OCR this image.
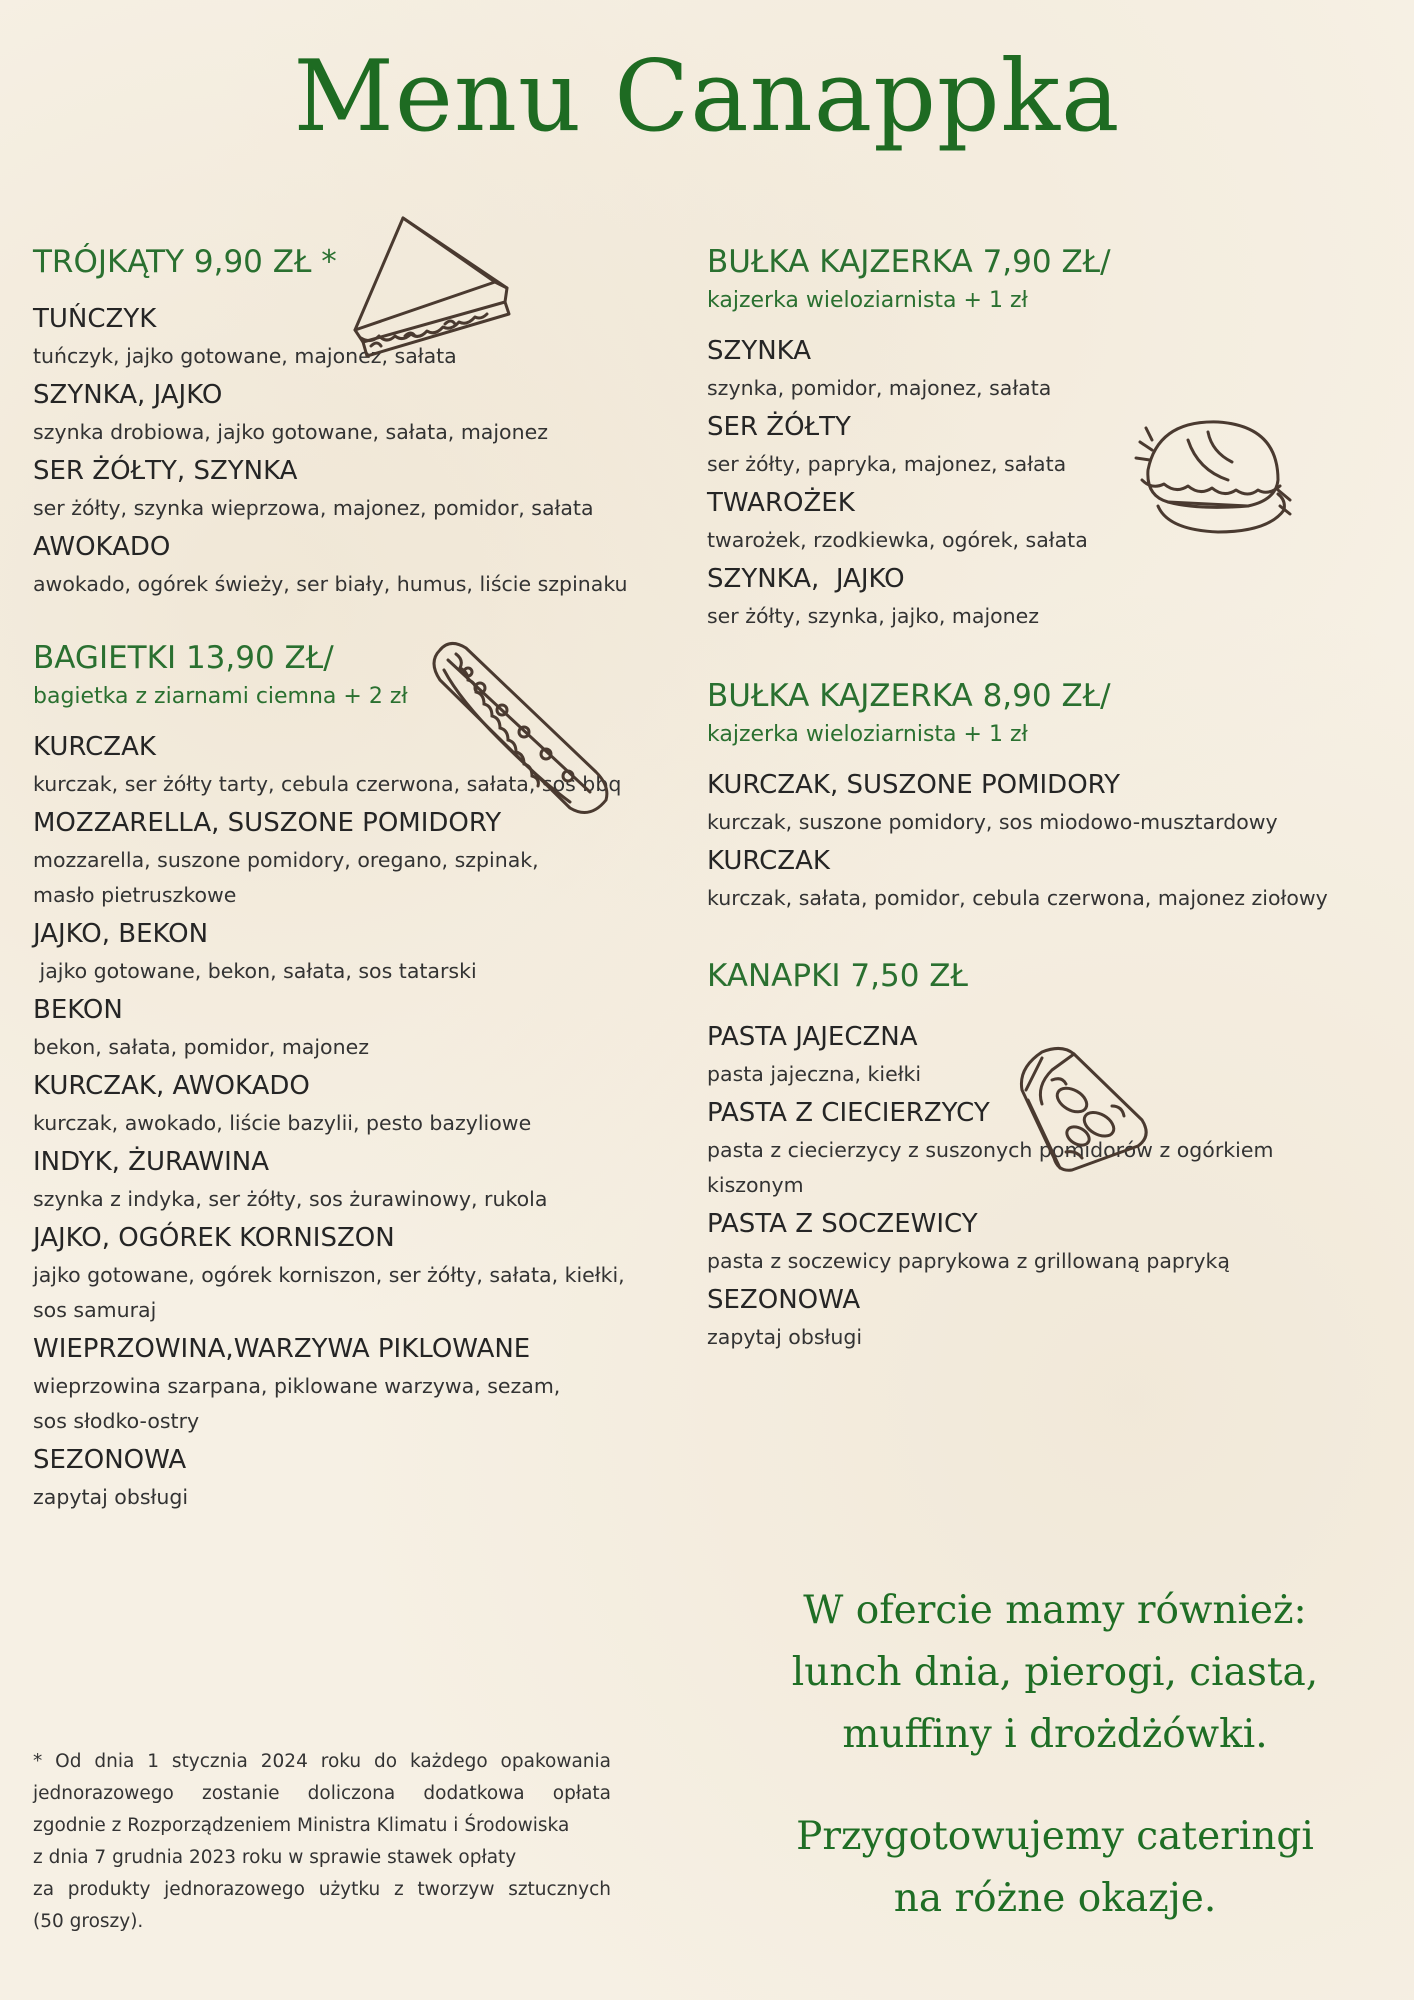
Menu Canappka
TRÓJKĄTY 9,90 ZŁ *
TUŃCZYK
tuńczyk, jajko gotowane, majonez, sałata
SZYNKA, JAJKO
szynka drobiowa, jajko gotowane, sałata, majonez
SER ŻÓŁTY, SZYNKA
ser żółty, szynka wieprzowa, majonez, pomidor, sałata
AWOKADO
awokado, ogórek świeży, ser biały, humus, liście szpinaku
BAGIETKI 13,90 ZŁ/
bagietka z ziarnami ciemna + 2 zł
KURCZAK
kurczak, ser żółty tarty, cebula czerwona, sałata, sos bbq
MOZZARELLA, SUSZONE POMIDORY
mozzarella, suszone pomidory, oregano, szpinak,
masło pietruszkowe
JAJKO, BEKON
jajko gotowane, bekon, sałata, sos tatarski
BEKON
bekon, sałata, pomidor, majonez
KURCZAK, AWOKADO
kurczak, awokado, liście bazylii, pesto bazyliowe
INDYK, ŻURAWINA
szynka z indyka, ser żółty, sos żurawinowy, rukola
JAJKO, OGÓREK KORNISZON
jajko gotowane, ogórek korniszon, ser żółty, sałata, kiełki,
sos samuraj
WIEPRZOWINA,WARZYWA PIKLOWANE
wieprzowina szarpana, piklowane warzywa, sezam,
sos słodko-ostry
SEZONOWA
zapytaj obsługi
BUŁKA KAJZERKA 7,90 ZŁ/
kajzerka wieloziarnista + 1 zł
SZYNKA
szynka, pomidor, majonez, sałata
SER ŻÓŁTY
ser żółty, papryka, majonez, sałata
TWAROŻEK
twarożek, rzodkiewka, ogórek, sałata
SZYNKA,  JAJKO
ser żółty, szynka, jajko, majonez
BUŁKA KAJZERKA 8,90 ZŁ/
kajzerka wieloziarnista + 1 zł
KURCZAK, SUSZONE POMIDORY
kurczak, suszone pomidory, sos miodowo-musztardowy
KURCZAK
kurczak, sałata, pomidor, cebula czerwona, majonez ziołowy
KANAPKI 7,50 ZŁ
PASTA JAJECZNA
pasta jajeczna, kiełki
PASTA Z CIECIERZYCY
pasta z ciecierzycy z suszonych pomidorów z ogórkiem
kiszonym
PASTA Z SOCZEWICY
pasta z soczewicy paprykowa z grillowaną papryką
SEZONOWA
zapytaj obsługi
* Od dnia 1 stycznia 2024 roku do każdego opakowania
jednorazowego zostanie doliczona dodatkowa opłata
zgodnie z Rozporządzeniem Ministra Klimatu i Środowiska
z dnia 7 grudnia 2023 roku w sprawie stawek opłaty
za produkty jednorazowego użytku z tworzyw sztucznych
(50 groszy).
W ofercie mamy również:
lunch dnia, pierogi, ciasta,
muffiny i drożdżówki.
Przygotowujemy cateringi
na różne okazje.
